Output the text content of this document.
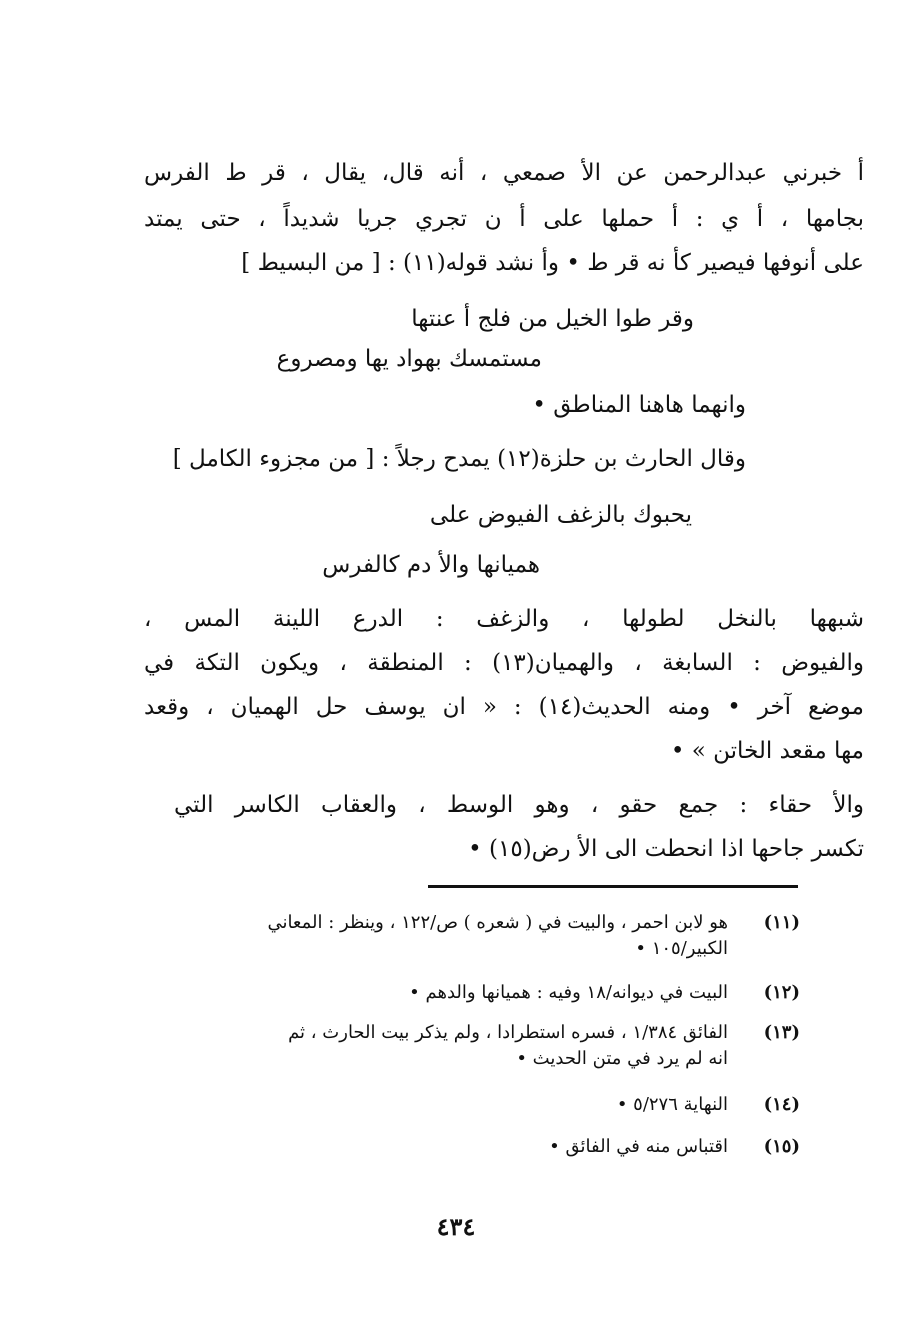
أ خبرني عبدالرحمن عن الأ صمعي ، أنه قال، يقال ، قر ط الفرس
بجامها ، أ ي : أ حملها على أ ن تجري جريا شديداً ، حتى يمتد
على أنوفها فيصير كأ نه قر ط • وأ نشد قوله(١١) : [ من البسيط ]
وقر طوا الخيل من فلج أ عنتها
مستمسك بهواد يها ومصروع
وانهما هاهنا المناطق •
وقال الحارث بن حلزة(١٢) يمدح رجلاً : [ من مجزوء الكامل ]
يحبوك بالزغف الفيوض على
هميانها والأ دم كالفرس
شبهها بالنخل لطولها ، والزغف : الدرع اللينة المس ،
والفيوض : السابغة ، والهميان(١٣) : المنطقة ، ويكون التكة في
موضع آخر • ومنه الحديث(١٤) : « ان يوسف حل الهميان ، وقعد
مها مقعد الخاتن » •
والأ حقاء : جمع حقو ، وهو الوسط ، والعقاب الكاسر التي
تكسر جاحها اذا انحطت الى الأ رض(١٥) •
(١١)
هو لابن احمر ، والبيت في ( شعره ) ص/١٢٢ ، وينظر : المعاني
الكبير/١٠٥ •
(١٢)
البيت في ديوانه/١٨ وفيه : هميانها والدهم •
(١٣)
الفائق ١/٣٨٤ ، فسره استطرادا ، ولم يذكر بيت الحارث ، ثم
انه لم يرد في متن الحديث •
(١٤)
النهاية ٥/٢٧٦ •
(١٥)
اقتباس منه في الفائق •
٤٣٤
